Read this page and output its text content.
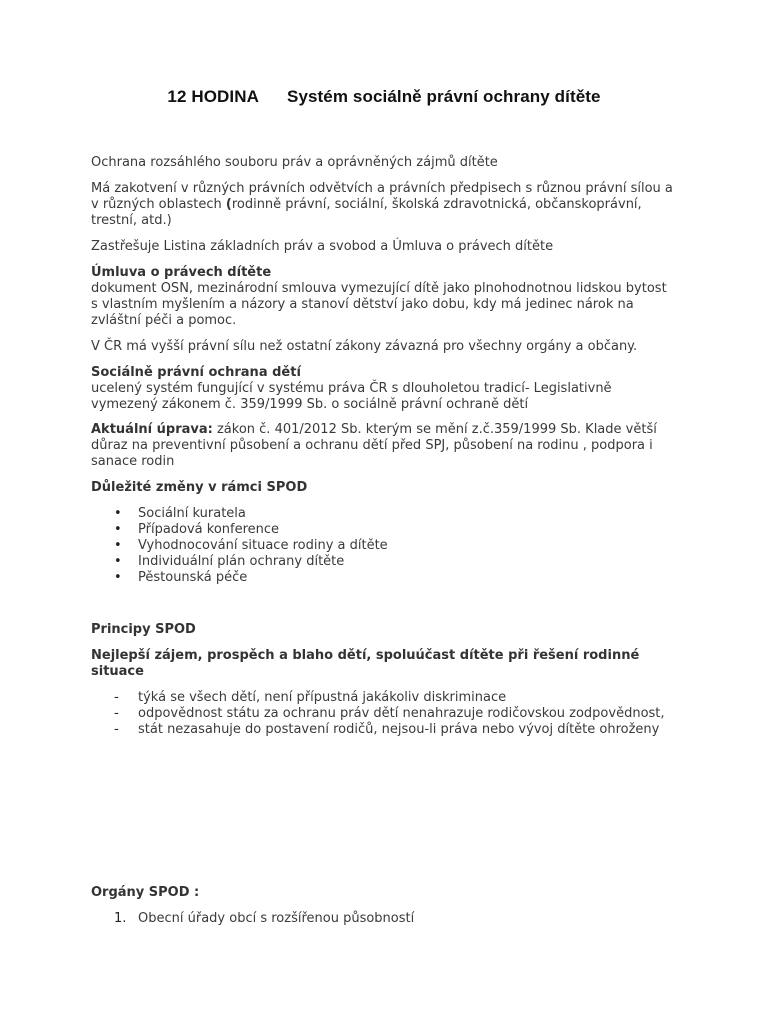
12 HODINA Systém sociálně právní ochrany dítěte

Ochrana rozsáhlého souboru práv a oprávněných zájmů dítěte

Má zakotvení v různých právních odvětvích a právních předpisech s různou právní sílou a v různých oblastech (rodinně právní, sociální, školská zdravotnická, občanskoprávní, trestní, atd.)

Zastřešuje Listina základních práv a svobod a Úmluva o právech dítěte

Úmluva o právech dítěte
dokument OSN, mezinárodní smlouva vymezující dítě jako plnohodnotnou lidskou bytost s vlastním myšlením a názory a stanoví dětství jako dobu, kdy má jedinec nárok na zvláštní péči a pomoc.

V ČR má vyšší právní sílu než ostatní zákony závazná pro všechny orgány a občany.

Sociálně právní ochrana dětí
ucelený systém fungující v systému práva ČR s dlouholetou tradicí- Legislativně vymezený zákonem č. 359/1999 Sb. o sociálně právní ochraně dětí

Aktuální úprava: zákon č. 401/2012 Sb. kterým se mění z.č.359/1999 Sb. Klade větší důraz na preventivní působení a ochranu dětí před SPJ, působení na rodinu , podpora i sanace rodin

Důležité změny v rámci SPOD
• Sociální kuratela
• Případová konference
• Vyhodnocování situace rodiny a dítěte
• Individuální plán ochrany dítěte
• Pěstounská péče
Principy SPOD
Nejlepší zájem, prospěch a blaho dětí, spoluúčast dítěte při řešení rodinné situace
- týká se všech dětí, není přípustná jakákoliv diskriminace
- odpovědnost státu za ochranu práv dětí nenahrazuje rodičovskou zodpovědnost,
- stát nezasahuje do postavení rodičů, nejsou-li práva nebo vývoj dítěte ohroženy
Orgány SPOD :
1. Obecní úřady obcí s rozšířenou působností
